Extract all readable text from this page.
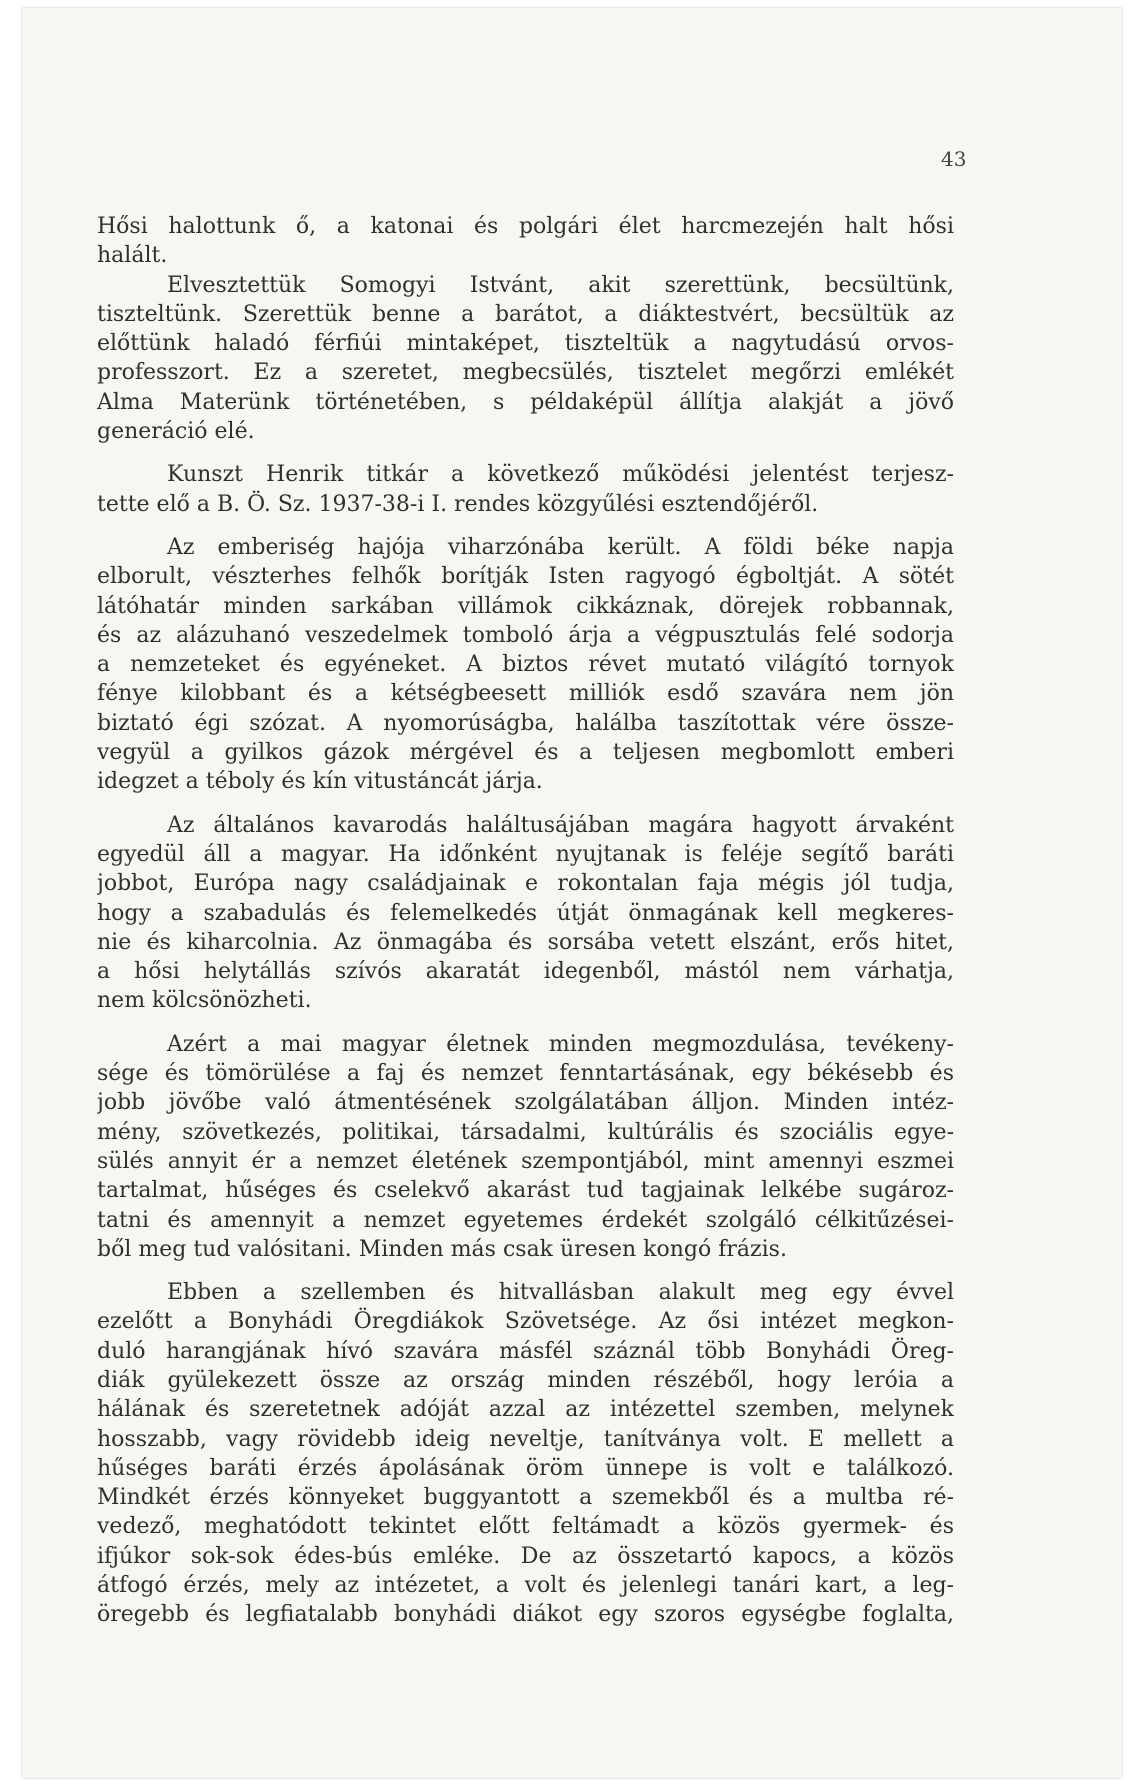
43
Hősi halottunk ő, a katonai és polgári élet harcmezején halt hősi
halált.
Elvesztettük Somogyi Istvánt, akit szerettünk, becsültünk,
tiszteltünk. Szerettük benne a barátot, a diáktestvért, becsültük az
előttünk haladó férfiúi mintaképet, tiszteltük a nagytudású orvos-
professzort. Ez a szeretet, megbecsülés, tisztelet megőrzi emlékét
Alma Materünk történetében, s példaképül állítja alakját a jövő
generáció elé.
Kunszt Henrik titkár a következő működési jelentést terjesz-
tette elő a B. Ö. Sz. 1937-38-i I. rendes közgyűlési esztendőjéről.
Az emberiség hajója viharzónába került. A földi béke napja
elborult, vészterhes felhők borítják Isten ragyogó égboltját. A sötét
látóhatár minden sarkában villámok cikkáznak, dörejek robbannak,
és az alázuhanó veszedelmek tomboló árja a végpusztulás felé sodorja
a nemzeteket és egyéneket. A biztos révet mutató világító tornyok
fénye kilobbant és a kétségbeesett milliók esdő szavára nem jön
biztató égi szózat. A nyomorúságba, halálba taszítottak vére össze-
vegyül a gyilkos gázok mérgével és a teljesen megbomlott emberi
idegzet a téboly és kín vitustáncát járja.
Az általános kavarodás haláltusájában magára hagyott árvaként
egyedül áll a magyar. Ha időnként nyujtanak is feléje segítő baráti
jobbot, Európa nagy családjainak e rokontalan faja mégis jól tudja,
hogy a szabadulás és felemelkedés útját önmagának kell megkeres-
nie és kiharcolnia. Az önmagába és sorsába vetett elszánt, erős hitet,
a hősi helytállás szívós akaratát idegenből, mástól nem várhatja,
nem kölcsönözheti.
Azért a mai magyar életnek minden megmozdulása, tevékeny-
sége és tömörülése a faj és nemzet fenntartásának, egy békésebb és
jobb jövőbe való átmentésének szolgálatában álljon. Minden intéz-
mény, szövetkezés, politikai, társadalmi, kultúrális és szociális egye-
sülés annyit ér a nemzet életének szempontjából, mint amennyi eszmei
tartalmat, hűséges és cselekvő akarást tud tagjainak lelkébe sugároz-
tatni és amennyit a nemzet egyetemes érdekét szolgáló célkitűzései-
ből meg tud valósitani. Minden más csak üresen kongó frázis.
Ebben a szellemben és hitvallásban alakult meg egy évvel
ezelőtt a Bonyhádi Öregdiákok Szövetsége. Az ősi intézet megkon-
duló harangjának hívó szavára másfél száznál több Bonyhádi Öreg-
diák gyülekezett össze az ország minden részéből, hogy leróia a
hálának és szeretetnek adóját azzal az intézettel szemben, melynek
hosszabb, vagy rövidebb ideig neveltje, tanítványa volt. E mellett a
hűséges baráti érzés ápolásának öröm ünnepe is volt e találkozó.
Mindkét érzés könnyeket buggyantott a szemekből és a multba ré-
vedező, meghatódott tekintet előtt feltámadt a közös gyermek- és
ifjúkor sok-sok édes-bús emléke. De az összetartó kapocs, a közös
átfogó érzés, mely az intézetet, a volt és jelenlegi tanári kart, a leg-
öregebb és legfiatalabb bonyhádi diákot egy szoros egységbe foglalta,
